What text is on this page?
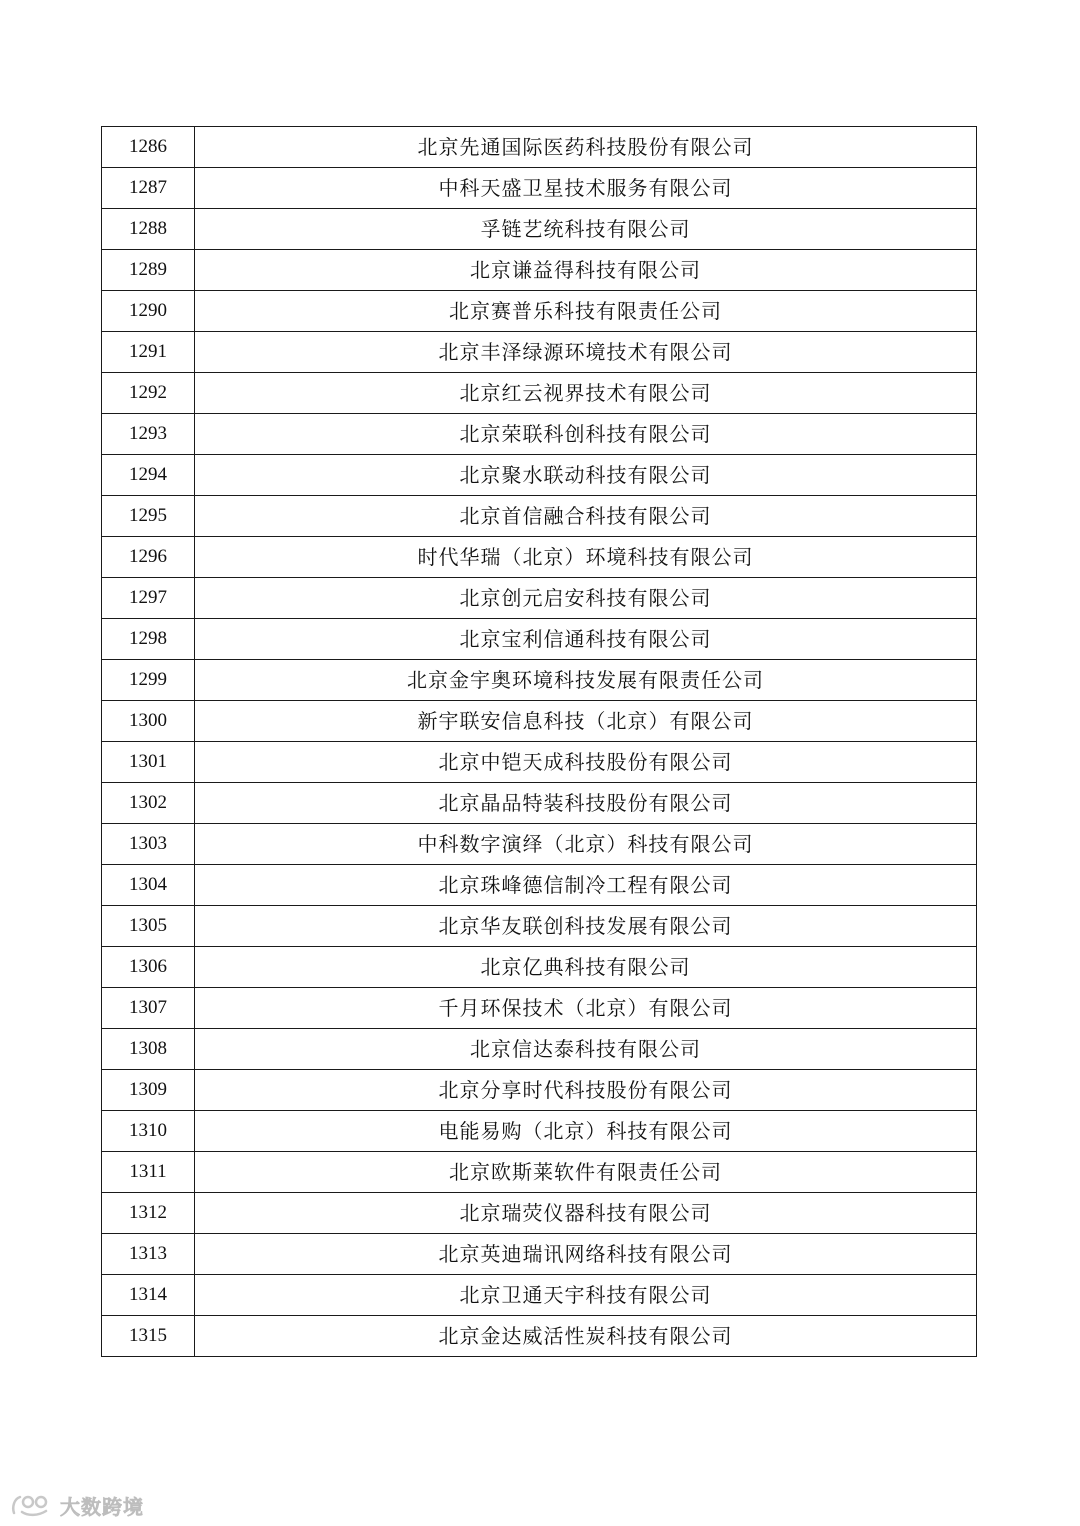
1286	北京先通国际医药科技股份有限公司
1287	中科天盛卫星技术服务有限公司
1288	孚链艺统科技有限公司
1289	北京谦益得科技有限公司
1290	北京赛普乐科技有限责任公司
1291	北京丰泽绿源环境技术有限公司
1292	北京红云视界技术有限公司
1293	北京荣联科创科技有限公司
1294	北京聚水联动科技有限公司
1295	北京首信融合科技有限公司
1296	时代华瑞（北京）环境科技有限公司
1297	北京创元启安科技有限公司
1298	北京宝利信通科技有限公司
1299	北京金宇奥环境科技发展有限责任公司
1300	新宇联安信息科技（北京）有限公司
1301	北京中铠天成科技股份有限公司
1302	北京晶品特装科技股份有限公司
1303	中科数字演绎（北京）科技有限公司
1304	北京珠峰德信制冷工程有限公司
1305	北京华友联创科技发展有限公司
1306	北京亿典科技有限公司
1307	千月环保技术（北京）有限公司
1308	北京信达泰科技有限公司
1309	北京分享时代科技股份有限公司
1310	电能易购（北京）科技有限公司
1311	北京欧斯莱软件有限责任公司
1312	北京瑞荧仪器科技有限公司
1313	北京英迪瑞讯网络科技有限公司
1314	北京卫通天宇科技有限公司
1315	北京金达威活性炭科技有限公司
大数跨境
